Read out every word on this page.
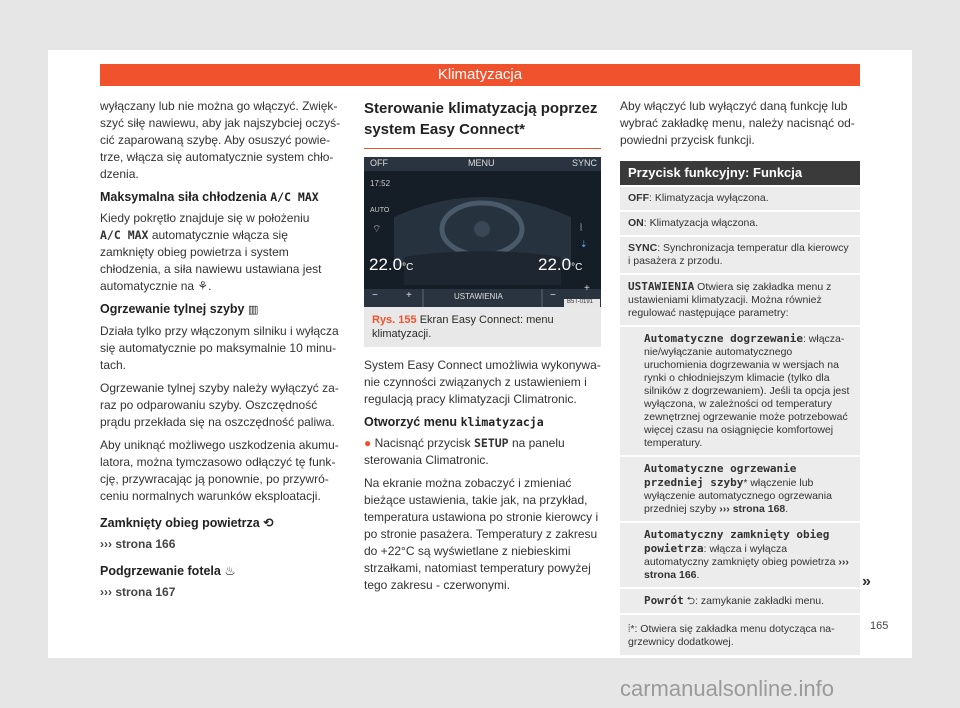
Klimatyzacja

wyłączany lub nie można go włączyć. Zwiększyć siłę nawiewu, aby jak najszybciej oczyścić zaparowaną szybę. Aby osuszyć powietrze, włącza się automatycznie system chłodzenia.

Maksymalna siła chłodzenia A/C MAX

Kiedy pokrętło znajduje się w położeniu
A/C MAX automatycznie włącza się zamknięty obieg powietrza i system chłodzenia, a siła nawiewu ustawiana jest automatycznie na ⚘.

Ogrzewanie tylnej szyby ▥

Działa tylko przy włączonym silniku i wyłącza się automatycznie po maksymalnie 10 minutach.

Ogrzewanie tylnej szyby należy wyłączyć zaraz po odparowaniu szyby. Oszczędność prądu przekłada się na oszczędność paliwa.

Aby uniknąć możliwego uszkodzenia akumulatora, można tymczasowo odłączyć tę funkcję, przywracając ją ponownie, po przywróceniu normalnych warunków eksploatacji.

Zamknięty obieg powietrza ⟲

››› strona 166

Podgrzewanie fotela ♨

››› strona 167

Sterowanie klimatyzacją poprzez system Easy Connect*
OFF	MENU	SYNC
17:52
AUTO
⌔	⦚
⇣
22.0°C	22.0°C
−	+	USTAWIENIA	−
+
B5T-0191
Rys. 155 Ekran Easy Connect: menu klimatyzacji.

System Easy Connect umożliwia wykonywanie czynności związanych z ustawieniem i regulacją pracy klimatyzacji Climatronic.

Otworzyć menu klimatyzacja

● Nacisnąć przycisk SETUP na panelu sterowania Climatronic.

Na ekranie można zobaczyć i zmieniać bieżące ustawienia, takie jak, na przykład, temperatura ustawiona po stronie kierowcy i po stronie pasażera. Temperatury z zakresu do +22°C są wyświetlane z niebieskimi strzałkami, natomiast temperatury powyżej tego zakresu - czerwonymi.

Aby włączyć lub wyłączyć daną funkcję lub wybrać zakładkę menu, należy nacisnąć odpowiedni przycisk funkcji.

Przycisk funkcyjny: Funkcja
OFF: Klimatyzacja wyłączona.
ON: Klimatyzacja włączona.
SYNC: Synchronizacja temperatur dla kierowcy i pasażera z przodu.
USTAWIENIA Otwiera się zakładka menu z ustawieniami klimatyzacji. Można również regulować następujące parametry:
Automatyczne dogrzewanie: włączanie/wyłączanie automatycznego uruchomienia dogrzewania w wersjach na rynki o chłodniejszym klimacie (tylko dla silników z dogrzewaniem). Jeśli ta opcja jest wyłączona, w zależności od temperatury zewnętrznej ogrzewanie może potrzebować więcej czasu na osiągnięcie komfortowej temperatury.
Automatyczne ogrzewanie przedniej szyby* włączenie lub wyłączenie automatycznego ogrzewania przedniej szyby ››› strona 168.
Automatyczny zamknięty obieg powietrza: włącza i wyłącza automatyczny zamknięty obieg powietrza ››› strona 166.
Powrót ⮌: zamykanie zakładki menu.
⦙*: Otwiera się zakładka menu dotycząca nagrzewnicy dodatkowej.
»
165
carmanualsonline.info
